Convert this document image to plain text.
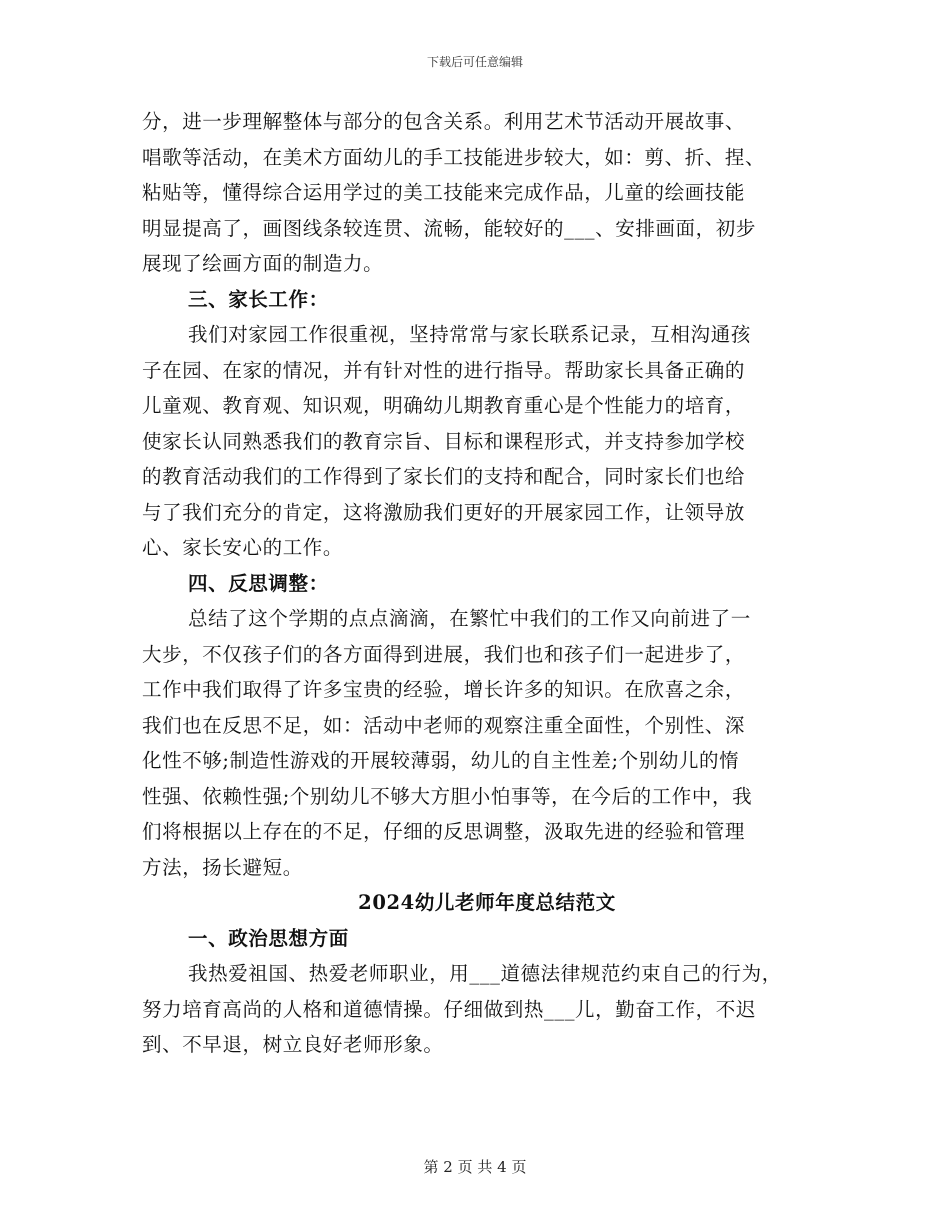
下载后可任意编辑
分，进一步理解整体与部分的包含关系。利用艺术节活动开展故事、
唱歌等活动，在美术方面幼儿的手工技能进步较大，如：剪、折、捏、
粘贴等，懂得综合运用学过的美工技能来完成作品，儿童的绘画技能
明显提高了，画图线条较连贯、流畅，能较好的___、安排画面，初步
展现了绘画方面的制造力。
三、家长工作：
我们对家园工作很重视，坚持常常与家长联系记录，互相沟通孩
子在园、在家的情况，并有针对性的进行指导。帮助家长具备正确的
儿童观、教育观、知识观，明确幼儿期教育重心是个性能力的培育，
使家长认同熟悉我们的教育宗旨、目标和课程形式，并支持参加学校
的教育活动我们的工作得到了家长们的支持和配合，同时家长们也给
与了我们充分的肯定，这将激励我们更好的开展家园工作，让领导放
心、家长安心的工作。
四、反思调整：
总结了这个学期的点点滴滴，在繁忙中我们的工作又向前进了一
大步，不仅孩子们的各方面得到进展，我们也和孩子们一起进步了，
工作中我们取得了许多宝贵的经验，增长许多的知识。在欣喜之余，
我们也在反思不足，如：活动中老师的观察注重全面性，个别性、深
化性不够;制造性游戏的开展较薄弱，幼儿的自主性差;个别幼儿的惰
性强、依赖性强;个别幼儿不够大方胆小怕事等，在今后的工作中，我
们将根据以上存在的不足，仔细的反思调整，汲取先进的经验和管理
方法，扬长避短。
2024幼儿老师年度总结范文
一、政治思想方面
我热爱祖国、热爱老师职业，用___道德法律规范约束自己的行为，
努力培育高尚的人格和道德情操。仔细做到热___儿，勤奋工作，不迟
到、不早退，树立良好老师形象。
第 2 页 共 4 页
